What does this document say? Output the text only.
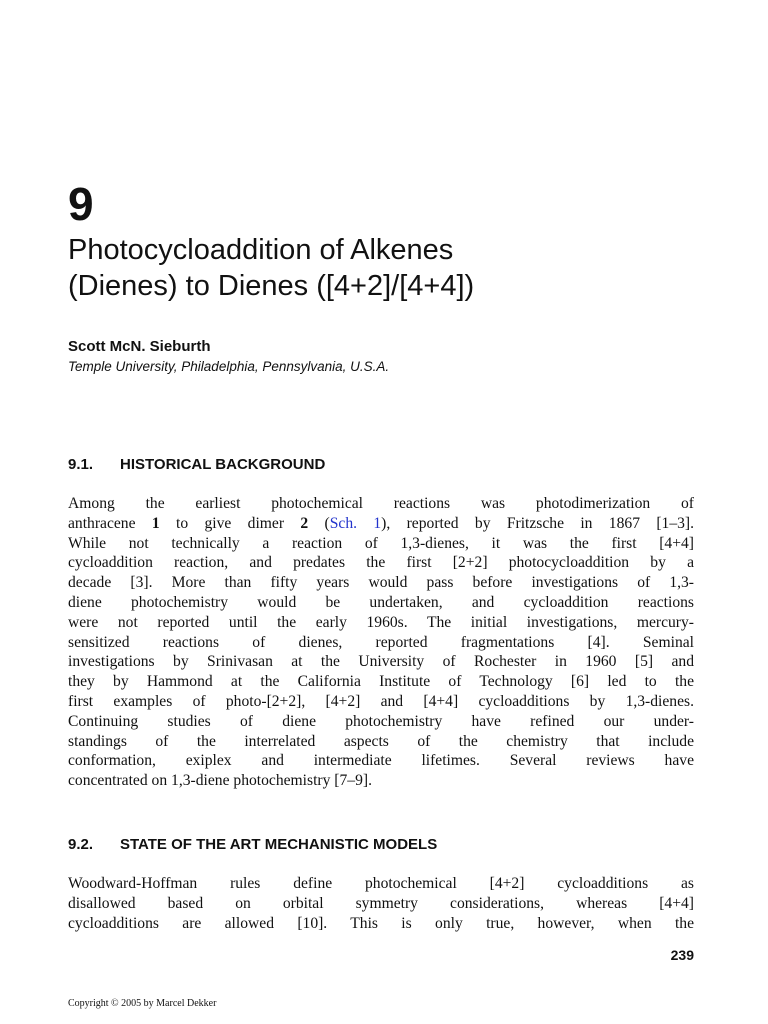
9
Photocycloaddition of Alkenes
(Dienes) to Dienes ([4+2]/[4+4])

Scott McN. Sieburth

Temple University, Philadelphia, Pennsylvania, U.S.A.

9.1. HISTORICAL BACKGROUND
Among the earliest photochemical reactions was photodimerization of
anthracene 1 to give dimer 2 (Sch. 1), reported by Fritzsche in 1867 [1–3].
While not technically a reaction of 1,3-dienes, it was the first [4+4]
cycloaddition reaction, and predates the first [2+2] photocycloaddition by a
decade [3]. More than fifty years would pass before investigations of 1,3-
diene photochemistry would be undertaken, and cycloaddition reactions
were not reported until the early 1960s. The initial investigations, mercury-
sensitized reactions of dienes, reported fragmentations [4]. Seminal
investigations by Srinivasan at the University of Rochester in 1960 [5] and
they by Hammond at the California Institute of Technology [6] led to the
first examples of photo-[2+2], [4+2] and [4+4] cycloadditions by 1,3-dienes.
Continuing studies of diene photochemistry have refined our under-
standings of the interrelated aspects of the chemistry that include
conformation, exiplex and intermediate lifetimes. Several reviews have
concentrated on 1,3-diene photochemistry [7–9].
9.2. STATE OF THE ART MECHANISTIC MODELS
Woodward-Hoffman rules define photochemical [4+2] cycloadditions as
disallowed based on orbital symmetry considerations, whereas [4+4]
cycloadditions are allowed [10]. This is only true, however, when the

239

Copyright © 2005 by Marcel Dekker
